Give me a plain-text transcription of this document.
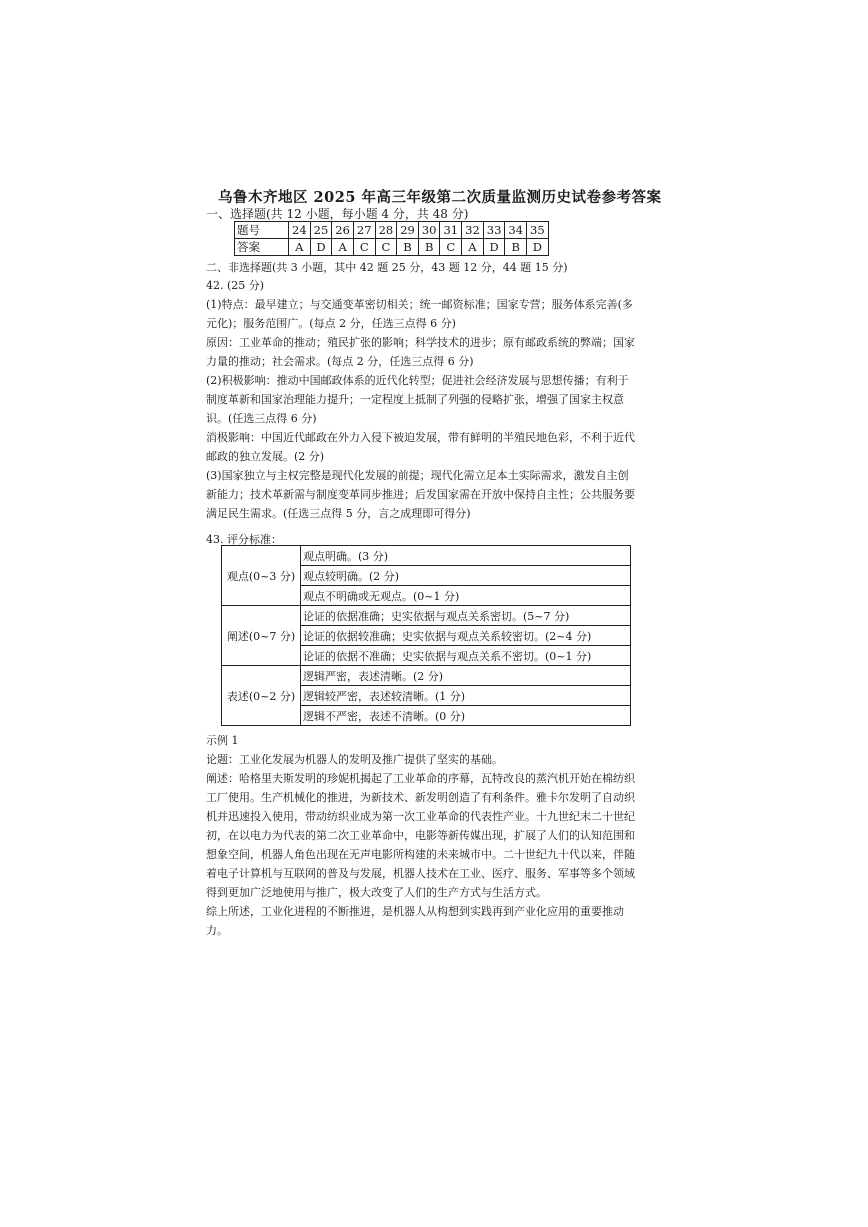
乌鲁木齐地区 2025 年高三年级第二次质量监测历史试卷参考答案
一、选择题(共 12 小题，每小题 4 分，共 48 分)
题号	24	25	26	27	28	29	30	31	32	33	34	35
答案	A	D	A	C	C	B	B	C	A	D	B	D
二、非选择题(共 3 小题，其中 42 题 25 分，43 题 12 分，44 题 15 分)

42. (25 分)

(1)特点：最早建立；与交通变革密切相关；统一邮资标准；国家专营；服务体系完善(多元化)；服务范围广。(每点 2 分，任选三点得 6 分)

原因：工业革命的推动；殖民扩张的影响；科学技术的进步；原有邮政系统的弊端；国家力量的推动；社会需求。(每点 2 分，任选三点得 6 分)

(2)积极影响：推动中国邮政体系的近代化转型；促进社会经济发展与思想传播；有利于制度革新和国家治理能力提升；一定程度上抵制了列强的侵略扩张，增强了国家主权意识。(任选三点得 6 分)

消极影响：中国近代邮政在外力入侵下被迫发展，带有鲜明的半殖民地色彩，不利于近代邮政的独立发展。(2 分)

(3)国家独立与主权完整是现代化发展的前提；现代化需立足本土实际需求，激发自主创新能力；技术革新需与制度变革同步推进；后发国家需在开放中保持自主性；公共服务要满足民生需求。(任选三点得 5 分，言之成理即可得分)

43. 评分标准：
观点(0~3 分)	观点明确。(3 分)
	观点较明确。(2 分)
	观点不明确或无观点。(0~1 分)
阐述(0~7 分)	论证的依据准确；史实依据与观点关系密切。(5~7 分)
	论证的依据较准确；史实依据与观点关系较密切。(2~4 分)
	论证的依据不准确；史实依据与观点关系不密切。(0~1 分)
表述(0~2 分)	逻辑严密，表述清晰。(2 分)
	逻辑较严密，表述较清晰。(1 分)
	逻辑不严密，表述不清晰。(0 分)

示例 1

论题：工业化发展为机器人的发明及推广提供了坚实的基础。

阐述：哈格里夫斯发明的珍妮机揭起了工业革命的序幕，瓦特改良的蒸汽机开始在棉纺织工厂使用。生产机械化的推进，为新技术、新发明创造了有利条件。雅卡尔发明了自动织机并迅速投入使用，带动纺织业成为第一次工业革命的代表性产业。十九世纪末二十世纪初，在以电力为代表的第二次工业革命中，电影等新传媒出现，扩展了人们的认知范围和想象空间，机器人角色出现在无声电影所构建的未来城市中。二十世纪九十代以来，伴随着电子计算机与互联网的普及与发展，机器人技术在工业、医疗、服务、军事等多个领域得到更加广泛地使用与推广，极大改变了人们的生产方式与生活方式。

综上所述，工业化进程的不断推进，是机器人从构想到实践再到产业化应用的重要推动力。
